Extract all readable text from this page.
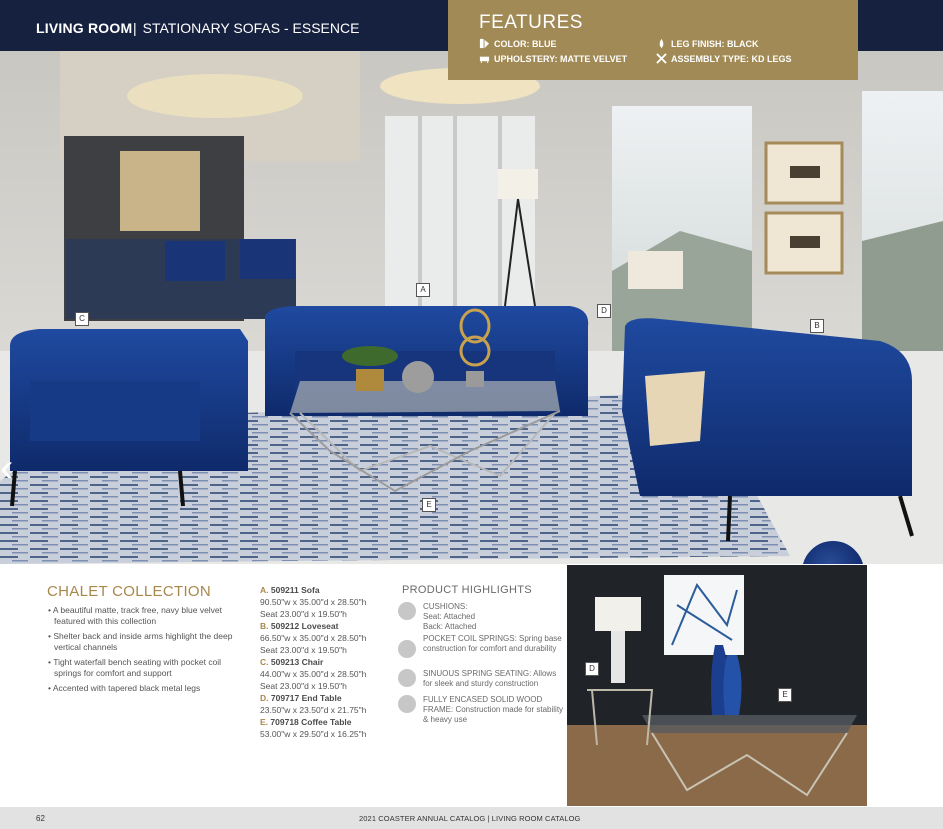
LIVING ROOM | STATIONARY SOFAS - ESSENCE
A
B
C
D
E
‹
FEATURES
COLOR: BLUE	LEG FINISH: BLACK
UPHOLSTERY: MATTE VELVET	ASSEMBLY TYPE: KD LEGS
CHALET COLLECTION
• A beautiful matte, track free, navy blue velvet featured with this collection
• Shelter back and inside arms highlight the deep vertical channels
• Tight waterfall bench seating with pocket coil springs for comfort and support
• Accented with tapered black metal legs
A. 509211 Sofa
90.50"w x 35.00"d x 28.50"h
Seat 23.00"d x 19.50"h
B. 509212 Loveseat
66.50"w x 35.00"d x 28.50"h
Seat 23.00"d x 19.50"h
C. 509213 Chair
44.00"w x 35.00"d x 28.50"h
Seat 23.00"d x 19.50"h
D. 709717 End Table
23.50"w x 23.50"d x 21.75"h
E. 709718 Coffee Table
53.00"w x 29.50"d x 16.25"h
PRODUCT HIGHLIGHTS
CUSHIONS:
Seat: Attached
Back: Attached
POCKET COIL SPRINGS: Spring base construction for comfort and durability
SINUOUS SPRING SEATING: Allows for sleek and sturdy construction
FULLY ENCASED SOLID WOOD FRAME: Construction made for stability & heavy use
D
E
62	2021 COASTER ANNUAL CATALOG | LIVING ROOM CATALOG
